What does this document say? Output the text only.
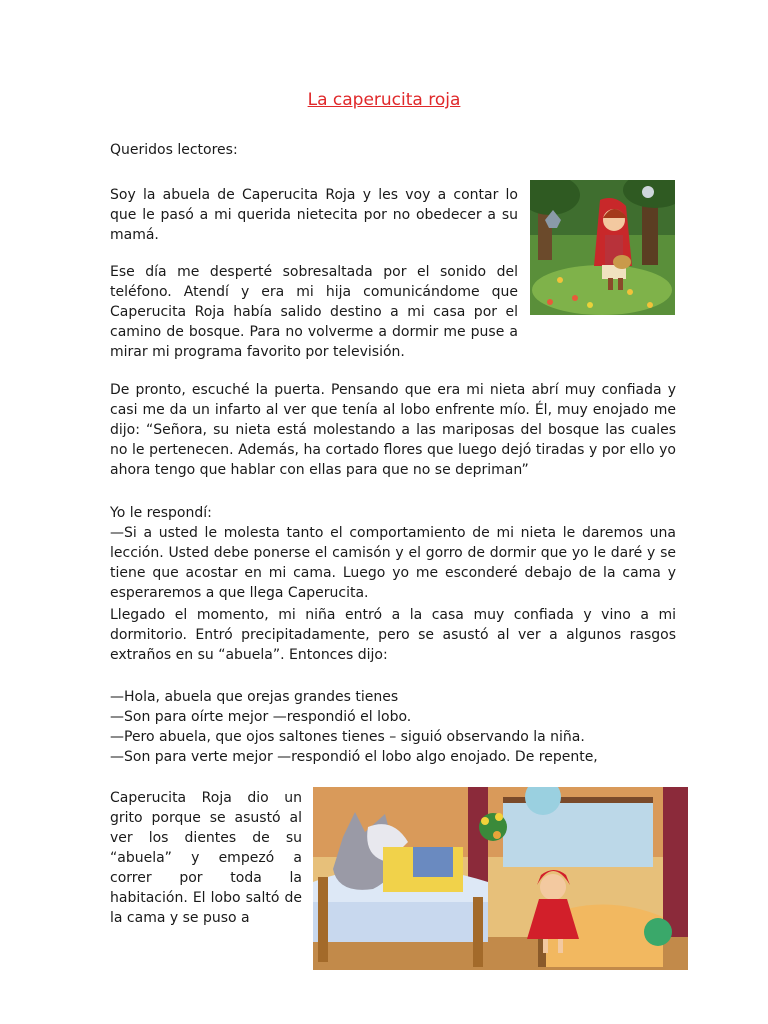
La caperucita roja

Queridos lectores:

Soy la abuela de Caperucita Roja y les voy a contar lo que le pasó a mi querida nietecita por no obedecer a su mamá.

Ese día me desperté sobresaltada por el sonido del teléfono. Atendí y era mi hija comunicándome que Caperucita Roja había salido destino a mi casa por el camino de bosque. Para no volverme a dormir me puse a mirar mi programa favorito por televisión.

De pronto, escuché la puerta. Pensando que era mi nieta abrí muy confiada y casi me da un infarto al ver que tenía al lobo enfrente mío. Él, muy enojado me dijo: “Señora, su nieta está molestando a las mariposas del bosque las cuales no le pertenecen. Además, ha cortado flores que luego dejó tiradas y por ello yo ahora tengo que hablar con ellas para que no se depriman”

Yo le respondí:

—Si a usted le molesta tanto el comportamiento de mi nieta le daremos una lección. Usted debe ponerse el camisón y el gorro de dormir que yo le daré y se tiene que acostar en mi cama. Luego yo me esconderé debajo de la cama y esperaremos a que llega Caperucita.

Llegado el momento, mi niña entró a la casa muy confiada y vino a mi dormitorio. Entró precipitadamente, pero se asustó al ver a algunos rasgos extraños en su “abuela”. Entonces dijo:

—Hola, abuela que orejas grandes tienes

—Son para oírte mejor —respondió el lobo.

—Pero abuela, que ojos saltones tienes – siguió observando la niña.

—Son para verte mejor —respondió el lobo algo enojado. De repente,

Caperucita Roja dio un grito porque se asustó al ver los dientes de su “abuela” y empezó a correr por toda la habitación. El lobo saltó de la cama y se puso a
